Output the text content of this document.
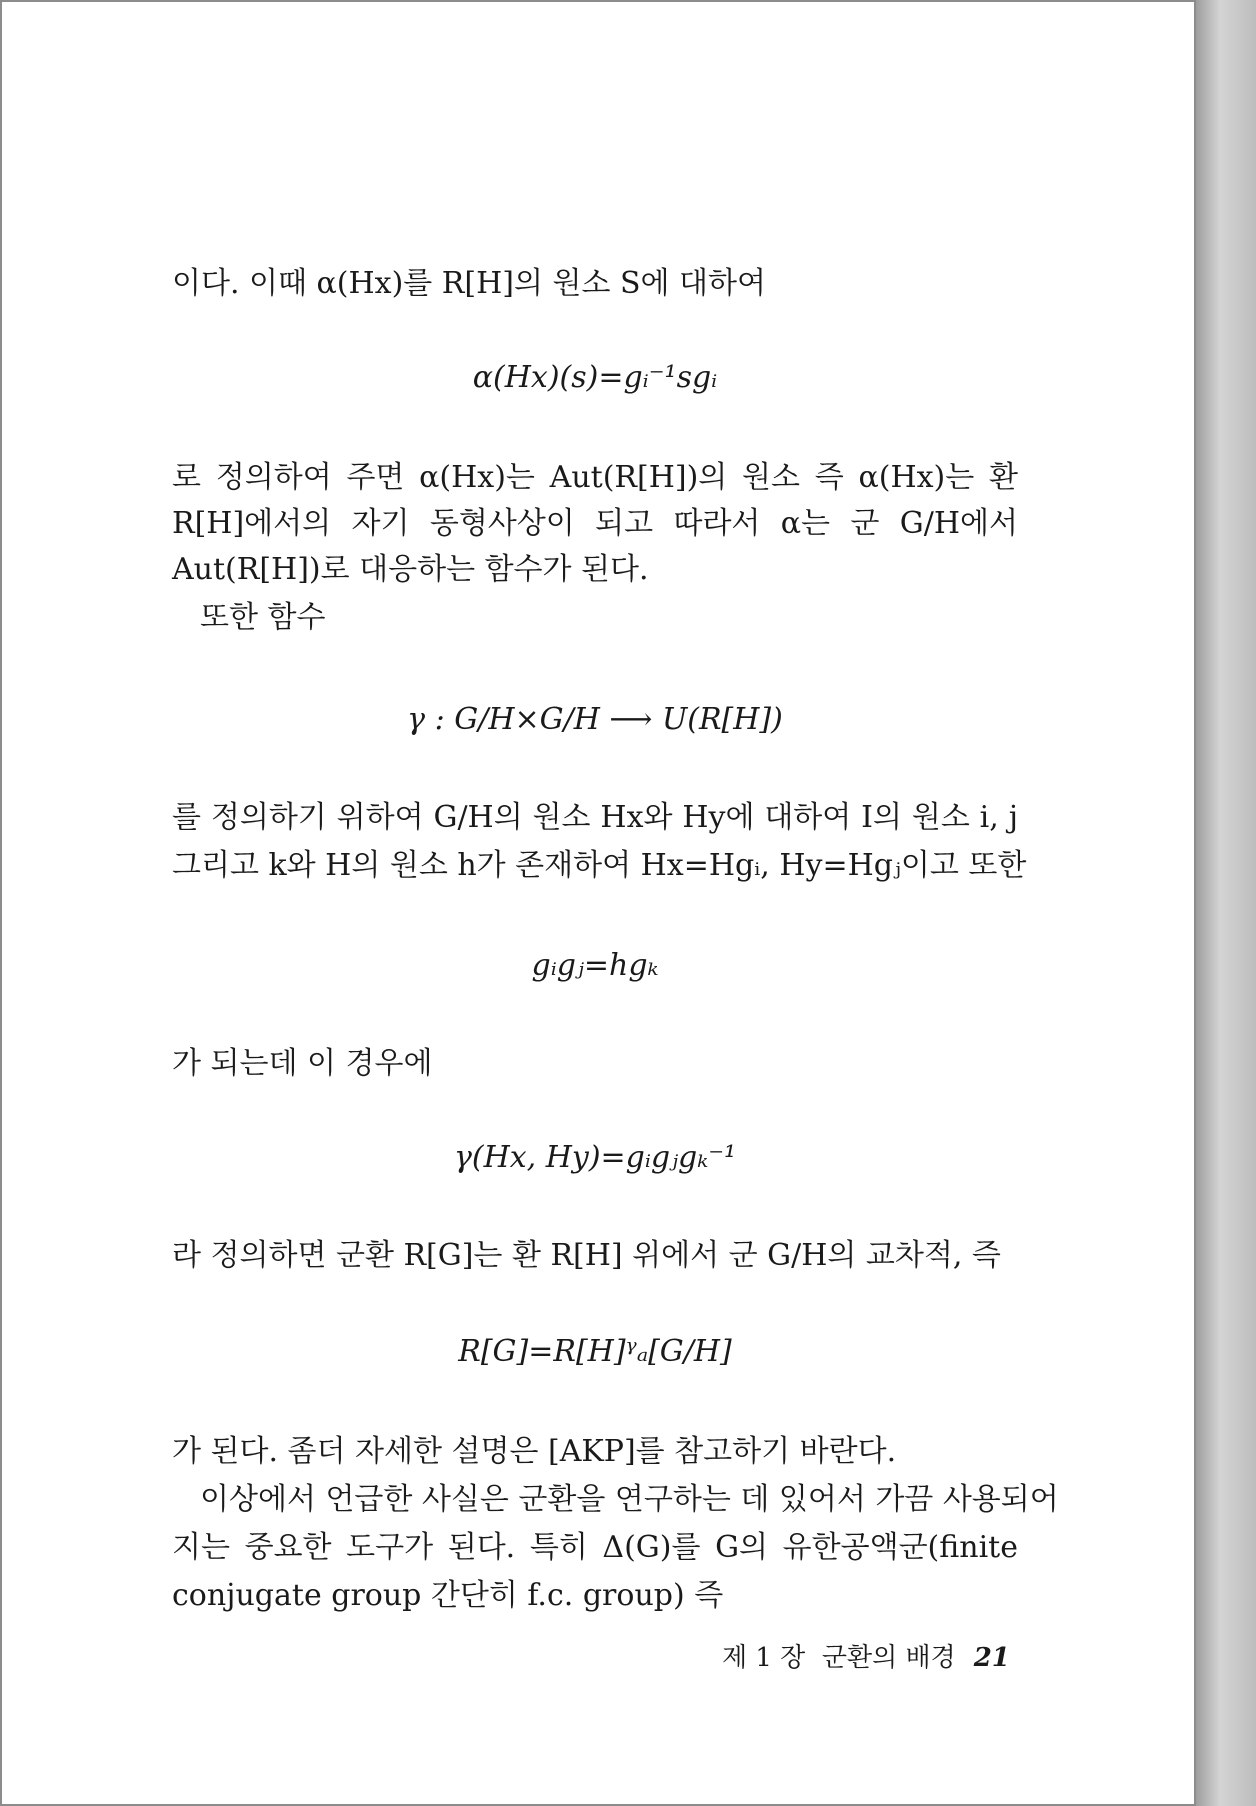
이다. 이때 α(Hx)를 R[H]의 원소 S에 대하여
α(Hx)(s)=gᵢ⁻¹sgᵢ
로 정의하여 주면 α(Hx)는 Aut(R[H])의 원소 즉 α(Hx)는 환
R[H]에서의 자기 동형사상이 되고 따라서 α는 군 G/H에서
Aut(R[H])로 대응하는 함수가 된다.
또한 함수
γ : G/H×G/H ⟶ U(R[H])
를 정의하기 위하여 G/H의 원소 Hx와 Hy에 대하여 I의 원소 i, j
그리고 k와 H의 원소 h가 존재하여 Hx=Hgᵢ, Hy=Hgⱼ이고 또한
gᵢgⱼ=hgₖ
가 되는데 이 경우에
γ(Hx, Hy)=gᵢgⱼgₖ⁻¹
라 정의하면 군환 R[G]는 환 R[H] 위에서 군 G/H의 교차적, 즉
R[G]=R[H]ᵞₐ[G/H]
가 된다. 좀더 자세한 설명은 [AKP]를 참고하기 바란다.
이상에서 언급한 사실은 군환을 연구하는 데 있어서 가끔 사용되어
지는 중요한 도구가 된다. 특히 Δ(G)를 G의 유한공액군(finite
conjugate group 간단히 f.c. group) 즉
제 1 장  군환의 배경 21
